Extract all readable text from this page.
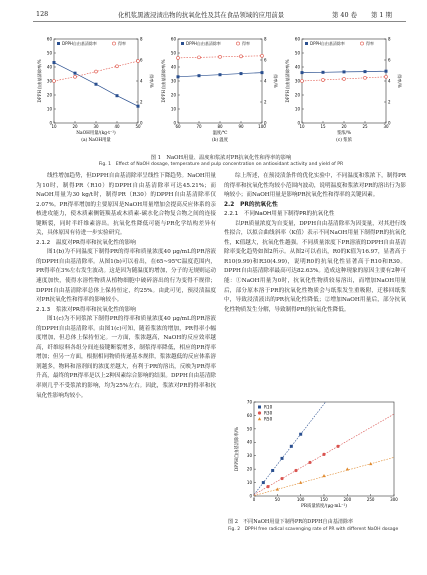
128	化机浆黑液浸渍出物的抗氧化性及其在食品领域的应用前景	第 40 卷 第 1 期
DPPH自由基清除率	得率
0
10
20
30
40
50
60
0
2
4
6
8
10	20	30	40	50
DPPH自由基清除率/%	得率/%
NaOH用量/(kg·t⁻¹)
(a) NaOH用量
DPPH自由基清除率	得率
0
10
20
30
40
50
60
0
2
4
6
8
60	70	80	90	100
DPPH自由基清除率/%	得率/%
温度/℃
(b) 温度
DPPH自由基清除率	得率
0
10
20
30
40
50
60
0
2
4
6
8
10	15	20	25	30
DPPH自由基清除率/%	得率/%
浆浓/%
(c) 浆浓
图 1　NaOH用量、温度和浆浓对PR抗氧化性和得率的影响
Fig. 1　Effect of NaOH dosage, temperature and pulp concentration on antioxidant activity and yield of PR

线性增加趋势，但DPPH自由基清除率呈线性下降趋势。NaOH用量为10时，制得PR（R10）的DPPH自由基清除率可达45.21%；而NaOH用量为30 kg/t时，制得PR（R30）的DPPH自由基清除率仅2.07%。PR得率增加的主要原因是NaOH用量增加会提高反应体系的亲核进攻能力，使木质素侧链羰基或木质素-碳水化合物复合物之间的连接键断裂，同时半纤维素溶出。抗氧化性降低可能与PR化学结构差异有关，具体原因有待进一步实验研究。

2.1.2　温度对PR得率和抗氧化性的影响

图1(b)为不同温度下制得PR的得率和质量浓度40 μg/mL的PR溶液的DPPH自由基清除率。从图1(b)可以看出，在65~95℃温度范围内，PR得率在3%左右发生波动。这是因为随温度的增加，分子的无规则运动速度加快，使得水溶性物质从植物细胞中破碎溶出的行为变得不规律；DPPH自由基清除率总体上保持恒定，约25%。由此可见，预浸渍温度对PR抗氧化性和得率的影响较小。

2.1.3　浆浓对PR得率和抗氧化性的影响

图1(c)为不同浆浓下制得PR的得率和质量浓度40 μg/mL的PR溶液的DPPH自由基清除率。由图1(c)可知，随着浆浓的增加，PR得率小幅度增加，但总体上保持恒定。一方面，浆浓越高，NaOH的反应效率越高，纤维原料各组分间连接键断裂增多，制浆得率降低，相应的PR得率增加；但另一方面，根据相同物质传递基本规律，浆浓越低的反应体系溶剂越多，物料和溶剂间的浓度差越大，有利于PR的溶出，反映为PR得率升高，最终的PR得率是以上2种因素综合影响的结果。DPPH自由基清除率则几乎不受浆浓的影响，均为25%左右。因此，浆浓对PR的得率和抗氧化性影响均较小。

综上所述，在预浸渍条件的优化实验中，不同温度和浆浓下，制得PR的得率和抗氧化性均较小范围内波动，说明温度和浆浓对PR的溶出行为影响较小；而NaOH用量是影响PR抗氧化性和得率的关键因素。

2.2　PR的抗氧化性
2.2.1　不同NaOH用量下制得PR的抗氧化性

以PR质量浓度为自变量，DPPH自由基清除率为因变量，对其进行线性拟合，以拟合曲线斜率（K值）表示不同NaOH用量下制得PR的抗氧化性，K值越大，抗氧化性越强。不同质量浓度下PR溶液的DPPH自由基清除率变化趋势如图2所示。从图2可以看出，R0的K值为16.97，显著高于R10(9.99)和R30(4.99)，说明R0的抗氧化性显著高于R10和R30。DPPH自由基清除率最高可达82.63%。造成这种现象的原因主要有2种可能：①NaOH用量为0时，抗氧化性物质较易溶出，而增加NaOH用量后，部分原本溶于PR的抗氧化性物质会与纸浆发生重吸附，迁移回纸浆中，导致浸渍液出的PR抗氧化性降低；②增加NaOH用量后，部分抗氧化性物质发生分解，导致制得PR的抗氧化性降低。

0
10
20
30
40
50
60
70
0	50	100	150	200	250	300
DPPH自由基清除率/%
PR质量浓度/(μg·mL⁻¹)
R10
R30
R50
图 2　不同NaOH用量下制得PR的DPPH自由基清除率
Fig. 2　DPPH free radical scavenging rate of PR with different NaOH dosage
